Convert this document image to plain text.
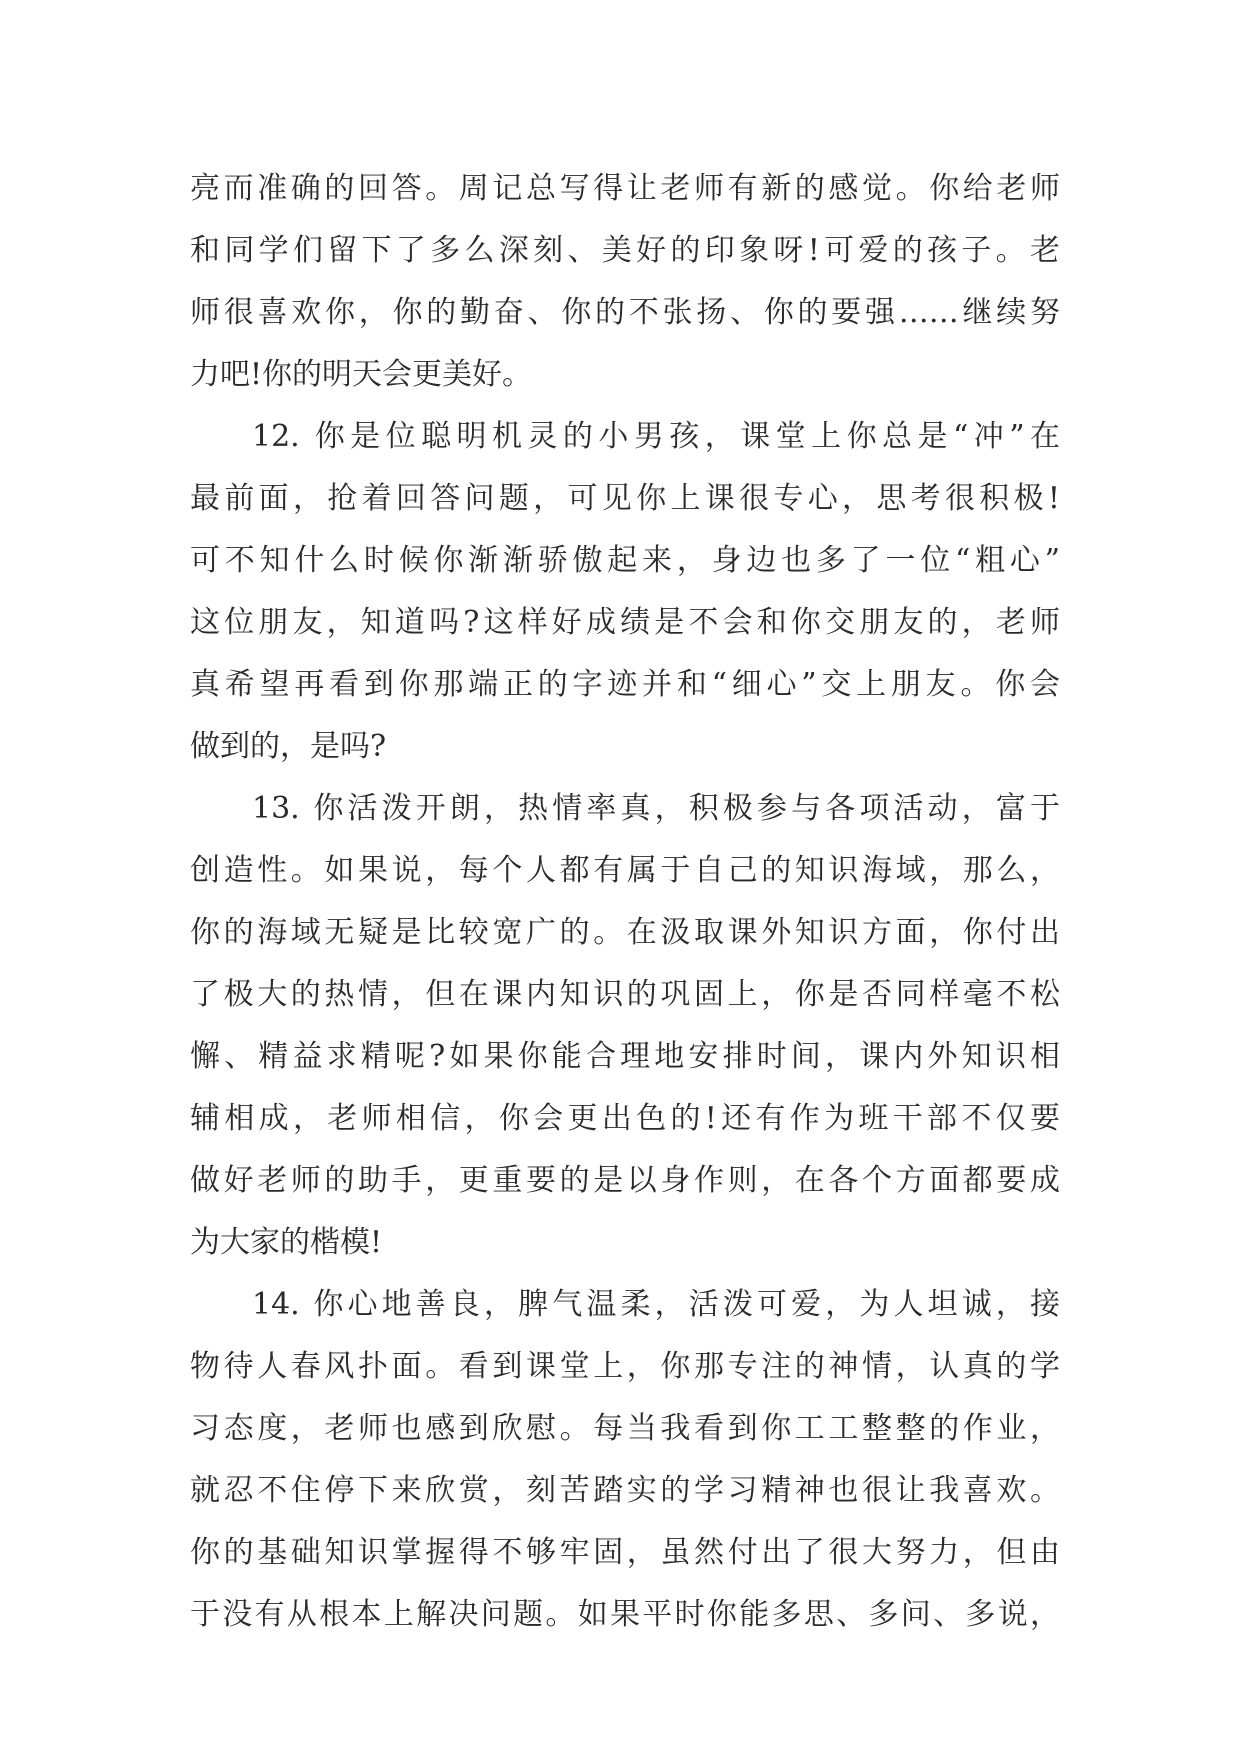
亮而准确的回答。周记总写得让老师有新的感觉。你给老师
和同学们留下了多么深刻、美好的印象呀!可爱的孩子。老
师很喜欢你，你的勤奋、你的不张扬、你的要强……继续努
力吧!你的明天会更美好。
12. 你是位聪明机灵的小男孩，课堂上你总是“冲”在
最前面，抢着回答问题，可见你上课很专心，思考很积极!
可不知什么时候你渐渐骄傲起来，身边也多了一位“粗心”
这位朋友，知道吗?这样好成绩是不会和你交朋友的，老师
真希望再看到你那端正的字迹并和“细心”交上朋友。你会
做到的，是吗?
13. 你活泼开朗，热情率真，积极参与各项活动，富于
创造性。如果说，每个人都有属于自己的知识海域，那么，
你的海域无疑是比较宽广的。在汲取课外知识方面，你付出
了极大的热情，但在课内知识的巩固上，你是否同样毫不松
懈、精益求精呢?如果你能合理地安排时间，课内外知识相
辅相成，老师相信，你会更出色的!还有作为班干部不仅要
做好老师的助手，更重要的是以身作则，在各个方面都要成
为大家的楷模!
14. 你心地善良，脾气温柔，活泼可爱，为人坦诚，接
物待人春风扑面。看到课堂上，你那专注的神情，认真的学
习态度，老师也感到欣慰。每当我看到你工工整整的作业，
就忍不住停下来欣赏，刻苦踏实的学习精神也很让我喜欢。
你的基础知识掌握得不够牢固，虽然付出了很大努力，但由
于没有从根本上解决问题。如果平时你能多思、多问、多说，
